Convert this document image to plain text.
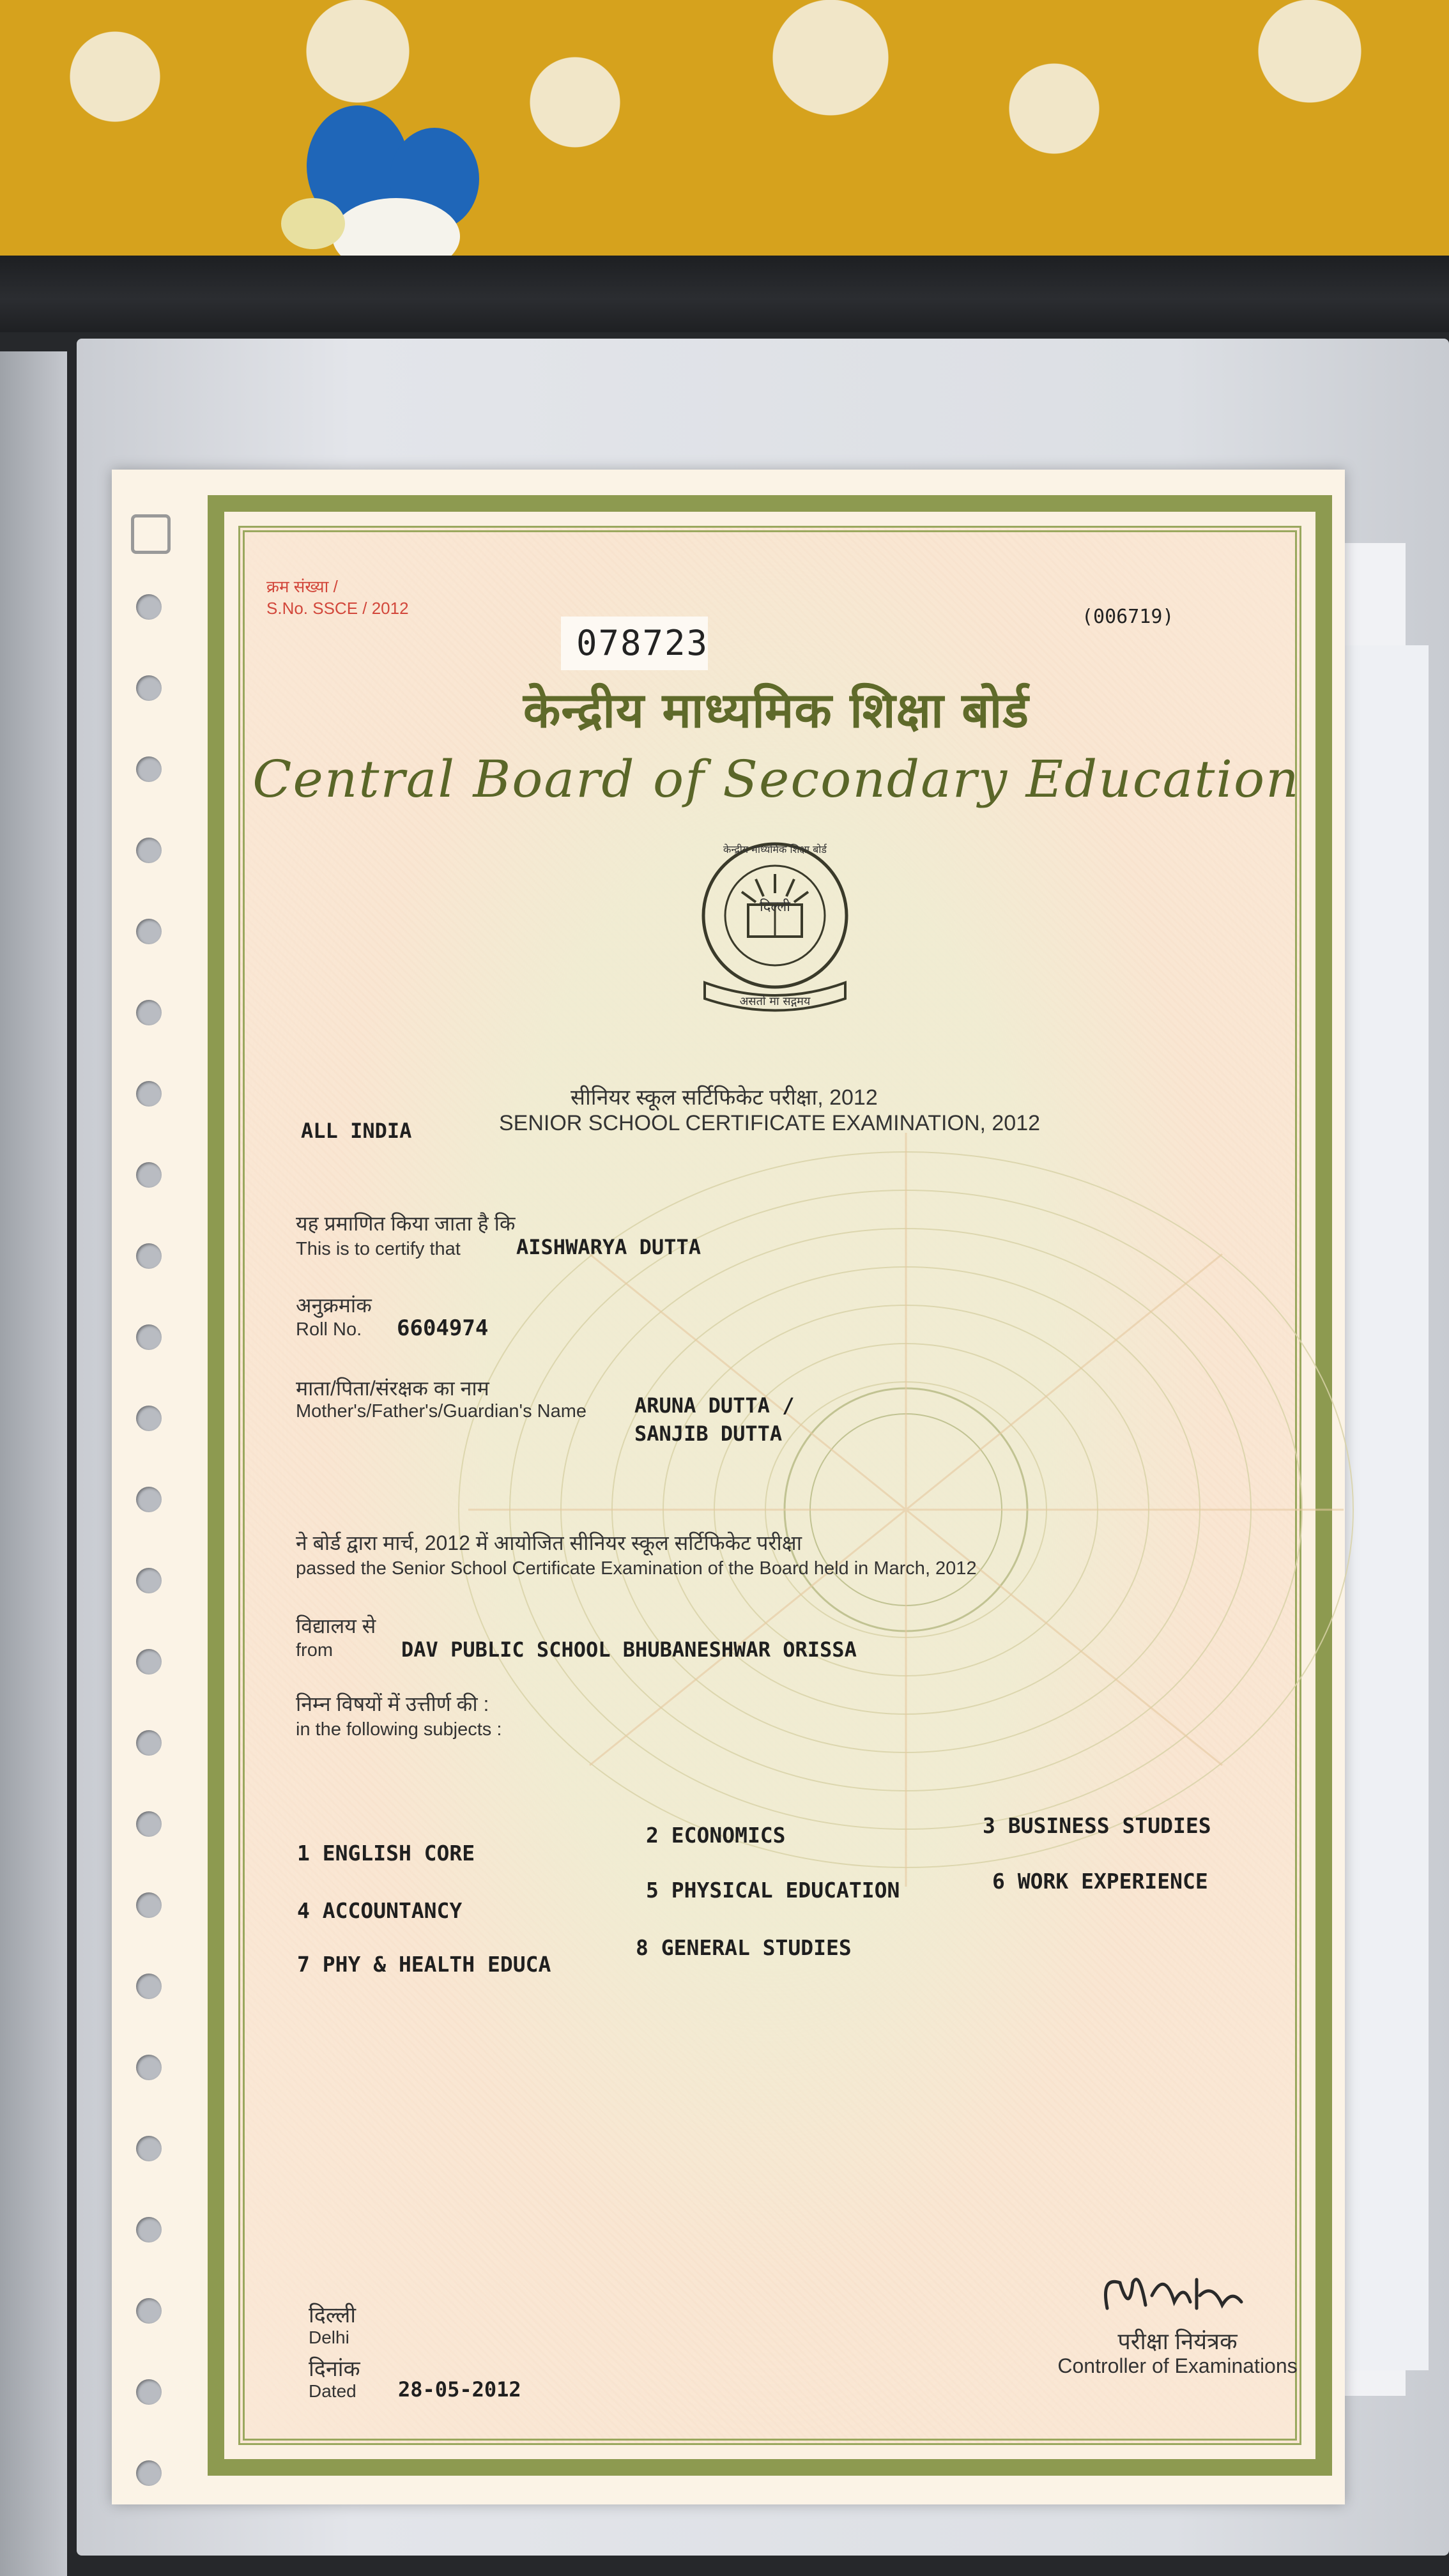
क्रम संख्या /
S.No. SSCE / 2012
078723
(006719)
केन्द्रीय माध्यमिक शिक्षा बोर्ड
Central Board of Secondary Education
दिल्ली
असतो मा सद्गमय
केन्द्रीय माध्यमिक शिक्षा बोर्ड
सीनियर स्कूल सर्टिफिकेट परीक्षा, 2012
ALL INDIA	SENIOR SCHOOL CERTIFICATE EXAMINATION, 2012
यह प्रमाणित किया जाता है कि
This is to certify that	AISHWARYA DUTTA
अनुक्रमांक
Roll No. 6604974
माता/पिता/संरक्षक का नाम
Mother's/Father's/Guardian's Name ARUNA DUTTA /
SANJIB DUTTA
ने बोर्ड द्वारा मार्च, 2012 में आयोजित सीनियर स्कूल सर्टिफिकेट परीक्षा
passed the Senior School Certificate Examination of the Board held in March, 2012
विद्यालय से
from	DAV PUBLIC SCHOOL BHUBANESHWAR ORISSA
निम्न विषयों में उत्तीर्ण की :
in the following subjects :
1 ENGLISH CORE
2 ECONOMICS	3 BUSINESS STUDIES
4 ACCOUNTANCY
5 PHYSICAL EDUCATION	6 WORK EXPERIENCE
7 PHY & HEALTH EDUCA
8 GENERAL STUDIES
दिल्ली
Delhi
दिनांक
Dated 28-05-2012
परीक्षा नियंत्रक
Controller of Examinations
